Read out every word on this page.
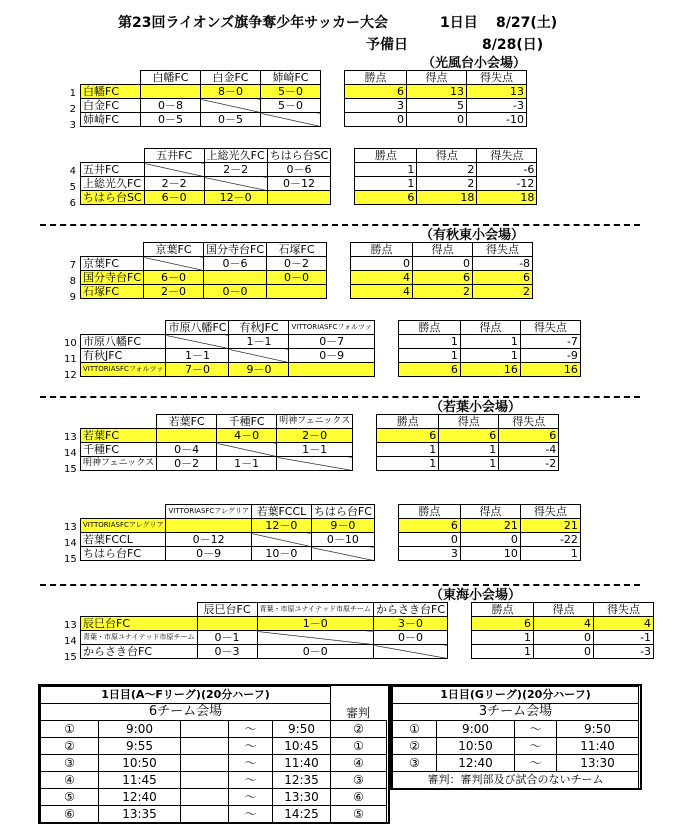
第23回ライオンズ旗争奪少年サッカー大会	1日目 8/27(土)
予備日	8/28(日)
（光風台小会場）
（有秋東小会場）
（若葉小会場）
（東海小会場）
1
2
3
	白幡FC	白金FC	姉崎FC		勝点	得点	得失点
白幡FC		8－0	5－0		6	13	13
白金FC	0－8		5－0		3	5	-3
姉崎FC	0－5	0－5			0	0	-10
4
5
6
	五井FC	上総光久FC	ちはら台SC		勝点	得点	得失点
五井FC		2－2	0－6		1	2	-6
上総光久FC	2－2		0－12		1	2	-12
ちはら台SC	6－0	12－0			6	18	18
7
8
9
	京葉FC	国分寺台FC	石塚FC		勝点	得点	得失点
京葉FC		0－6	0－2		0	0	-8
国分寺台FC	6－0		0－0		4	6	6
石塚FC	2－0	0－0			4	2	2
10
11
12
	市原八幡FC	有秋JFC	VITTORIASFCフォルツァ		勝点	得点	得失点
市原八幡FC		1－1	0－7		1	1	-7
有秋JFC	1－1		0－9		1	1	-9
VITTORIASFCフォルツァ	7－0	9－0			6	16	16
13
14
15
	若葉FC	千種FC	明神フェニックス		勝点	得点	得失点
若葉FC		4－0	2－0		6	6	6
千種FC	0－4		1－1		1	1	-4
明神フェニックス	0－2	1－1			1	1	-2
13
14
15
	VITTORIASFCアレグリア	若葉FCCL	ちはら台FC		勝点	得点	得失点
VITTORIASFCアレグリア		12－0	9－0		6	21	21
若葉FCCL	0－12		0－10		0	0	-22
ちはら台FC	0－9	10－0			3	10	1
13
14
15
	辰巳台FC	青葉・市原ユナイテッド市原チーム	からさき台FC		勝点	得点	得失点
辰巳台FC		1－0	3－0		6	4	4
青葉・市原ユナイテッド市原チーム	0－1		0－0		1	0	-1
からさき台FC	0－3	0－0			1	0	-3
1日目(A～Fリーグ)(20分ハーフ)					
6チーム会場					
①	9:00		～	9:50	②
②	9:55		～	10:45	①
③	10:50		～	11:40	④
④	11:45		～	12:35	③
⑤	12:40		～	13:30	⑥
⑥	13:35		～	14:25	⑤
審判
1日目(Gリーグ)(20分ハーフ)			
3チーム会場			
①	9:00	～	9:50
②	10:50	～	11:40
③	12:40	～	13:30
審判：審判部及び試合のないチーム			
